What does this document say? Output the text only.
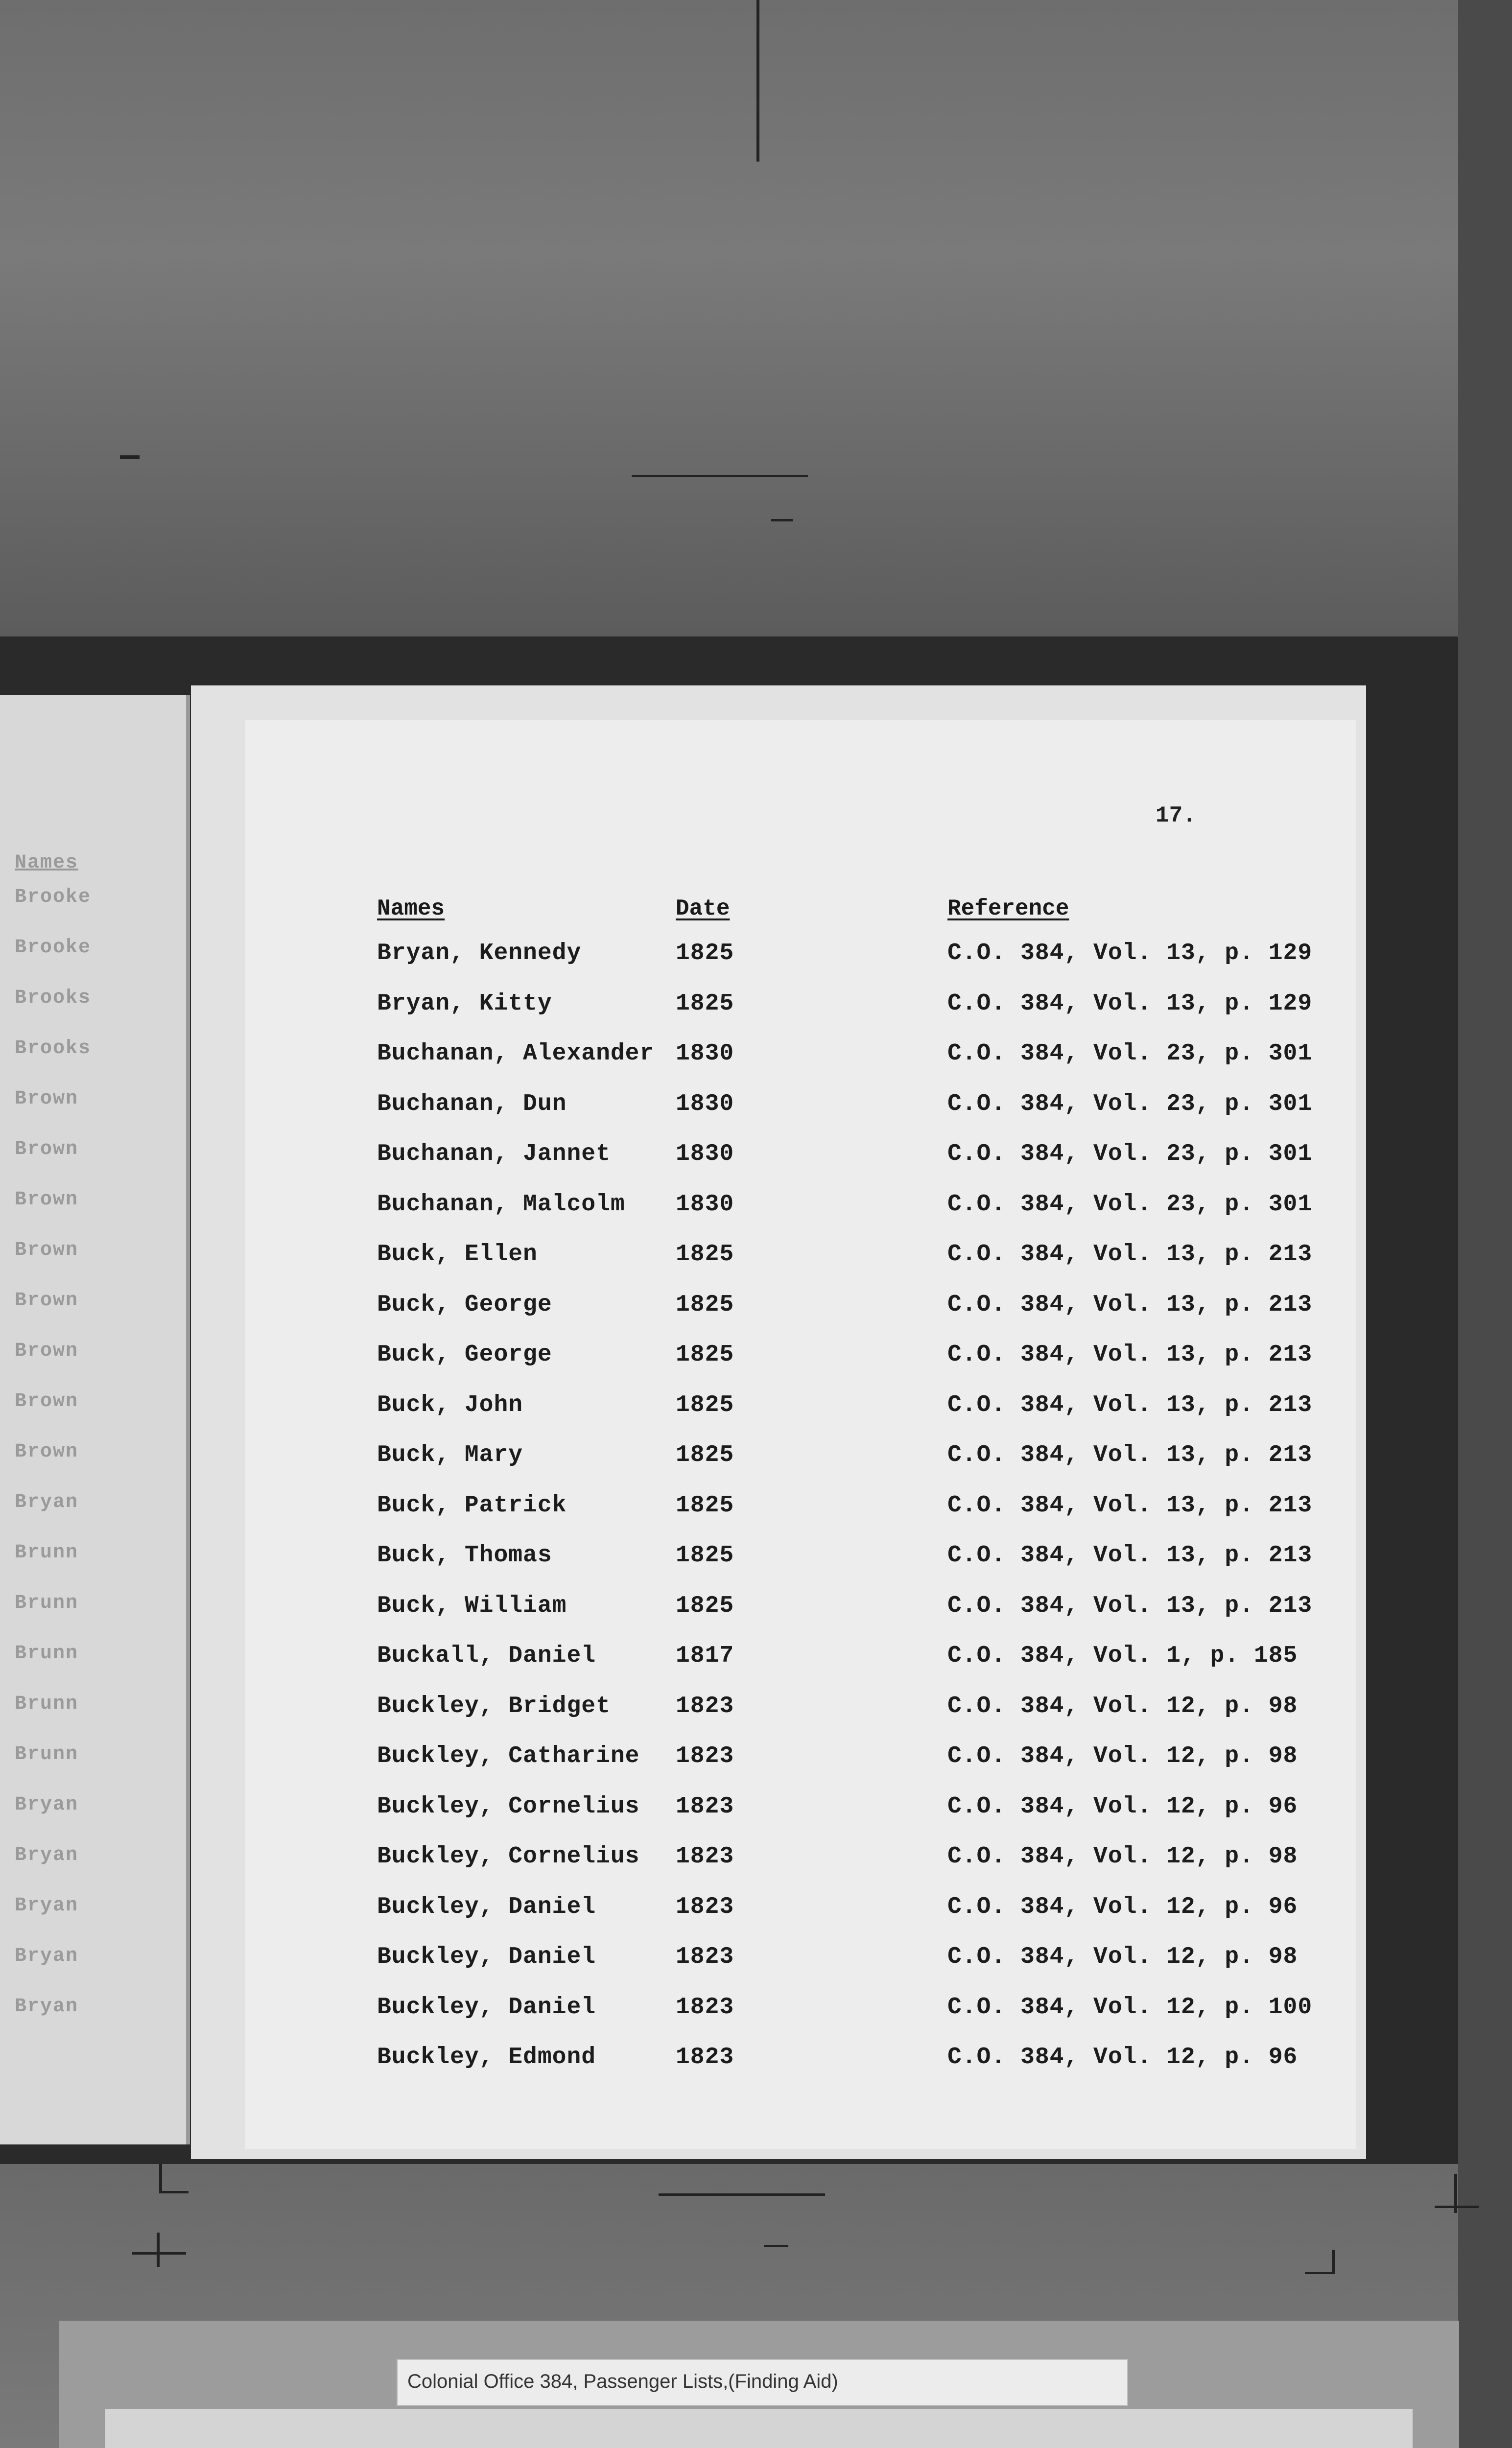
Names
Brooke
Brooke
Brooks
Brooks
Brown
Brown
Brown
Brown
Brown
Brown
Brown
Brown
Bryan
Brunn
Brunn
Brunn
Brunn
Brunn
Bryan
Bryan
Bryan
Bryan
Bryan
17.
Names	Date	Reference
Bryan, Kennedy	1825	C.O. 384, Vol. 13, p. 129
Bryan, Kitty	1825	C.O. 384, Vol. 13, p. 129
Buchanan, Alexander 1830	C.O. 384, Vol. 23, p. 301
Buchanan, Dun	1830	C.O. 384, Vol. 23, p. 301
Buchanan, Jannet	1830	C.O. 384, Vol. 23, p. 301
Buchanan, Malcolm 1830	C.O. 384, Vol. 23, p. 301
Buck, Ellen	1825	C.O. 384, Vol. 13, p. 213
Buck, George	1825	C.O. 384, Vol. 13, p. 213
Buck, George	1825	C.O. 384, Vol. 13, p. 213
Buck, John	1825	C.O. 384, Vol. 13, p. 213
Buck, Mary	1825	C.O. 384, Vol. 13, p. 213
Buck, Patrick	1825	C.O. 384, Vol. 13, p. 213
Buck, Thomas	1825	C.O. 384, Vol. 13, p. 213
Buck, William	1825	C.O. 384, Vol. 13, p. 213
Buckall, Daniel	1817	C.O. 384, Vol. 1, p. 185
Buckley, Bridget	1823	C.O. 384, Vol. 12, p. 98
Buckley, Catharine 1823	C.O. 384, Vol. 12, p. 98
Buckley, Cornelius 1823	C.O. 384, Vol. 12, p. 96
Buckley, Cornelius 1823	C.O. 384, Vol. 12, p. 98
Buckley, Daniel	1823	C.O. 384, Vol. 12, p. 96
Buckley, Daniel	1823	C.O. 384, Vol. 12, p. 98
Buckley, Daniel	1823	C.O. 384, Vol. 12, p. 100
Buckley, Edmond	1823	C.O. 384, Vol. 12, p. 96
Colonial Office 384, Passenger Lists,(Finding Aid)
